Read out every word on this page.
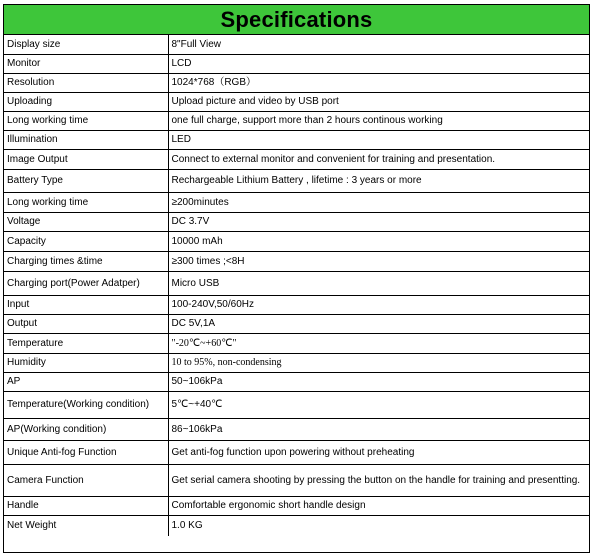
Specifications
Display size	8"Full View
Monitor	LCD
Resolution	1024*768（RGB）
Uploading	Upload picture and video by USB port
Long working time	one full charge, support more than 2 hours continous working
Illumination	LED
Image Output	Connect to external monitor and convenient for training and presentation.
Battery Type	Rechargeable Lithium Battery , lifetime : 3 years or more
Long working time	≥200minutes
Voltage	DC 3.7V
Capacity	10000 mAh
Charging times &time	≥300 times ;<8H
Charging port(Power Adatper)	Micro USB
Input	100-240V,50/60Hz
Output	DC 5V,1A
Temperature	"-20℃~+60℃"
Humidity	10 to 95%, non-condensing
AP	50~106kPa
Temperature(Working condition)	5℃~+40℃
AP(Working condition)	86~106kPa
Unique Anti-fog Function	Get anti-fog function upon powering without preheating
Camera Function	Get serial camera shooting by pressing the button on the handle for training and presentting.
Handle	Comfortable ergonomic short handle design
Net Weight	1.0 KG
